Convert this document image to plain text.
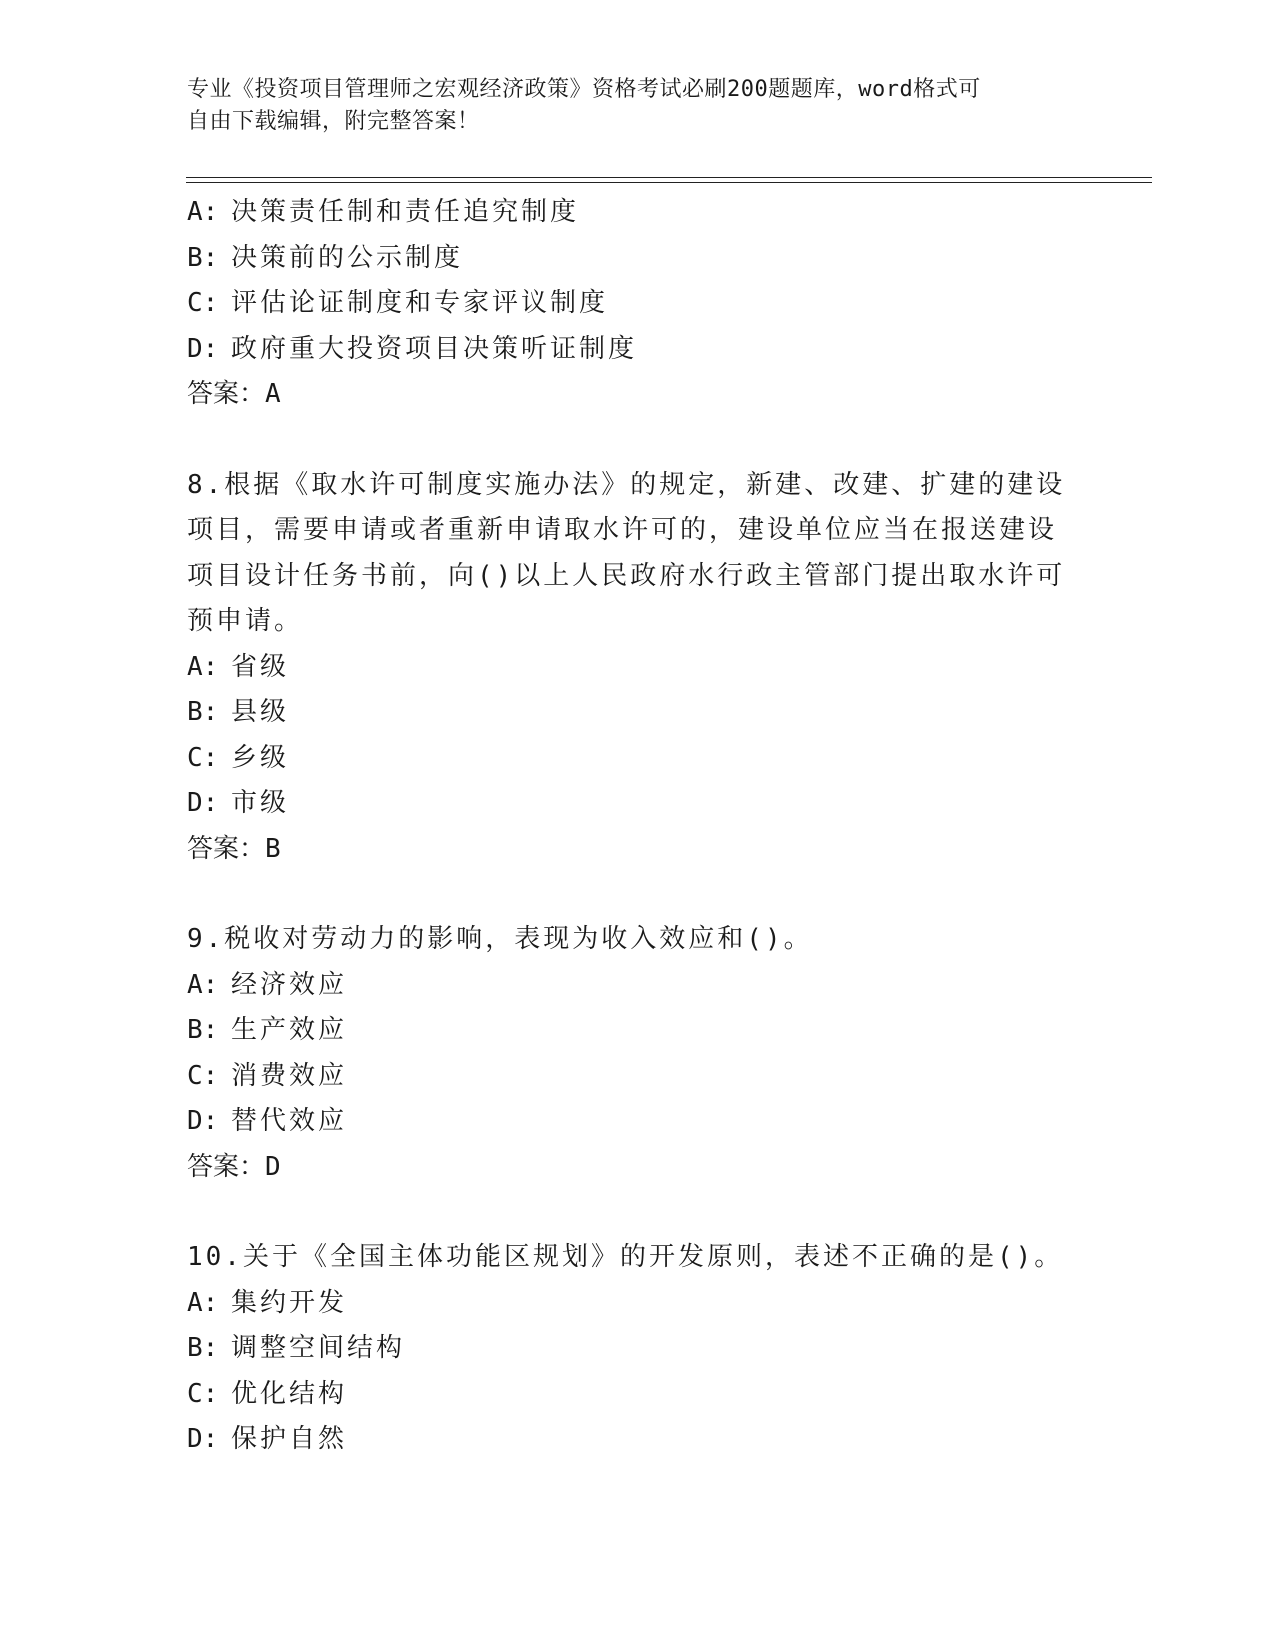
专业《投资项目管理师之宏观经济政策》资格考试必刷200题题库，word格式可
自由下载编辑，附完整答案！
A: 决策责任制和责任追究制度
B: 决策前的公示制度
C: 评估论证制度和专家评议制度
D: 政府重大投资项目决策听证制度
答案：A
8.根据《取水许可制度实施办法》的规定，新建、改建、扩建的建设
项目，需要申请或者重新申请取水许可的，建设单位应当在报送建设
项目设计任务书前，向()以上人民政府水行政主管部门提出取水许可
预申请。
A: 省级
B: 县级
C: 乡级
D: 市级
答案：B
9.税收对劳动力的影响，表现为收入效应和()。
A: 经济效应
B: 生产效应
C: 消费效应
D: 替代效应
答案：D
10.关于《全国主体功能区规划》的开发原则，表述不正确的是()。
A: 集约开发
B: 调整空间结构
C: 优化结构
D: 保护自然
